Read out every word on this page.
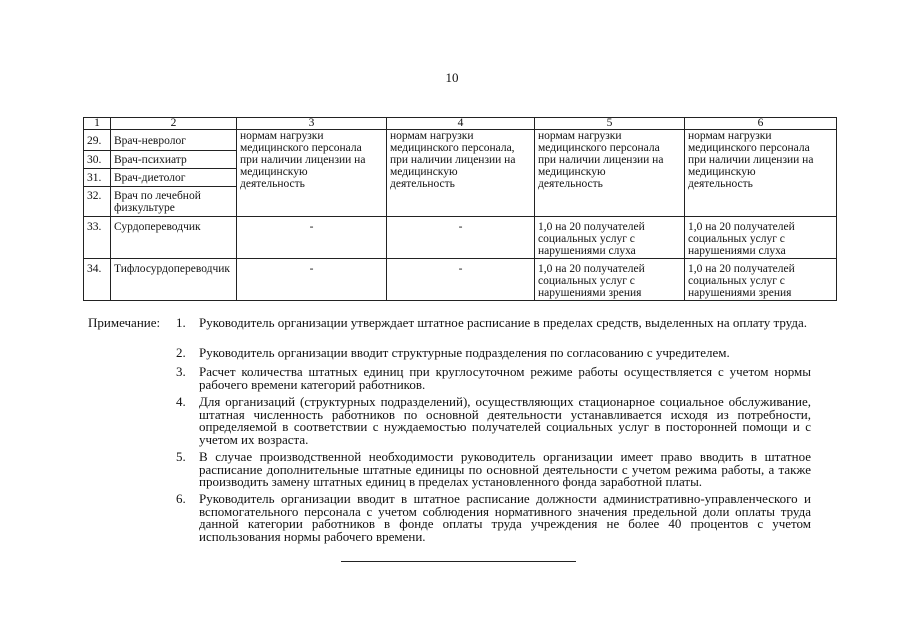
10
1	2	3	4	5	6
29.	Врач-невролог	нормам нагрузки
медицинского персонала
при наличии лицензии на
медицинскую
деятельность	нормам нагрузки
медицинского персонала,
при наличии лицензии на
медицинскую
деятельность	нормам нагрузки
медицинского персонала
при наличии лицензии на
медицинскую
деятельность	нормам нагрузки
медицинского персонала
при наличии лицензии на
медицинскую
деятельность
30.	Врач-психиатр				
31.	Врач-диетолог				
32.	Врач по лечебной
физкультуре				
33.	Сурдопереводчик	-	-	1,0 на 20 получателей
социальных услуг с
нарушениями слуха	1,0 на 20 получателей
социальных услуг с
нарушениями слуха
34.	Тифлосурдопереводчик	-	-	1,0 на 20 получателей
социальных услуг с
нарушениями зрения	1,0 на 20 получателей
социальных услуг с
нарушениями зрения
Примечание: 1. Руководитель организации утверждает штатное расписание в пределах средств, выделенных на оплату труда.
2. Руководитель организации вводит структурные подразделения по согласованию с учредителем.
3. Расчет количества штатных единиц при круглосуточном режиме работы осуществляется с учетом нормы рабочего времени категорий работников.
4. Для организаций (структурных подразделений), осуществляющих стационарное социальное обслуживание, штатная численность работников по основной деятельности устанавливается исходя из потребности, определяемой в соответствии с нуждаемостью получателей социальных услуг в посторонней помощи и с учетом их возраста.
5. В случае производственной необходимости руководитель организации имеет право вводить в штатное расписание дополнительные штатные единицы по основной деятельности с учетом режима работы, а также производить замену штатных единиц в пределах установленного фонда заработной платы.
6. Руководитель организации вводит в штатное расписание должности административно-управленческого и вспомогательного персонала с учетом соблюдения нормативного значения предельной доли оплаты труда данной категории работников в фонде оплаты труда учреждения не более 40 процентов с учетом использования нормы рабочего времени.
